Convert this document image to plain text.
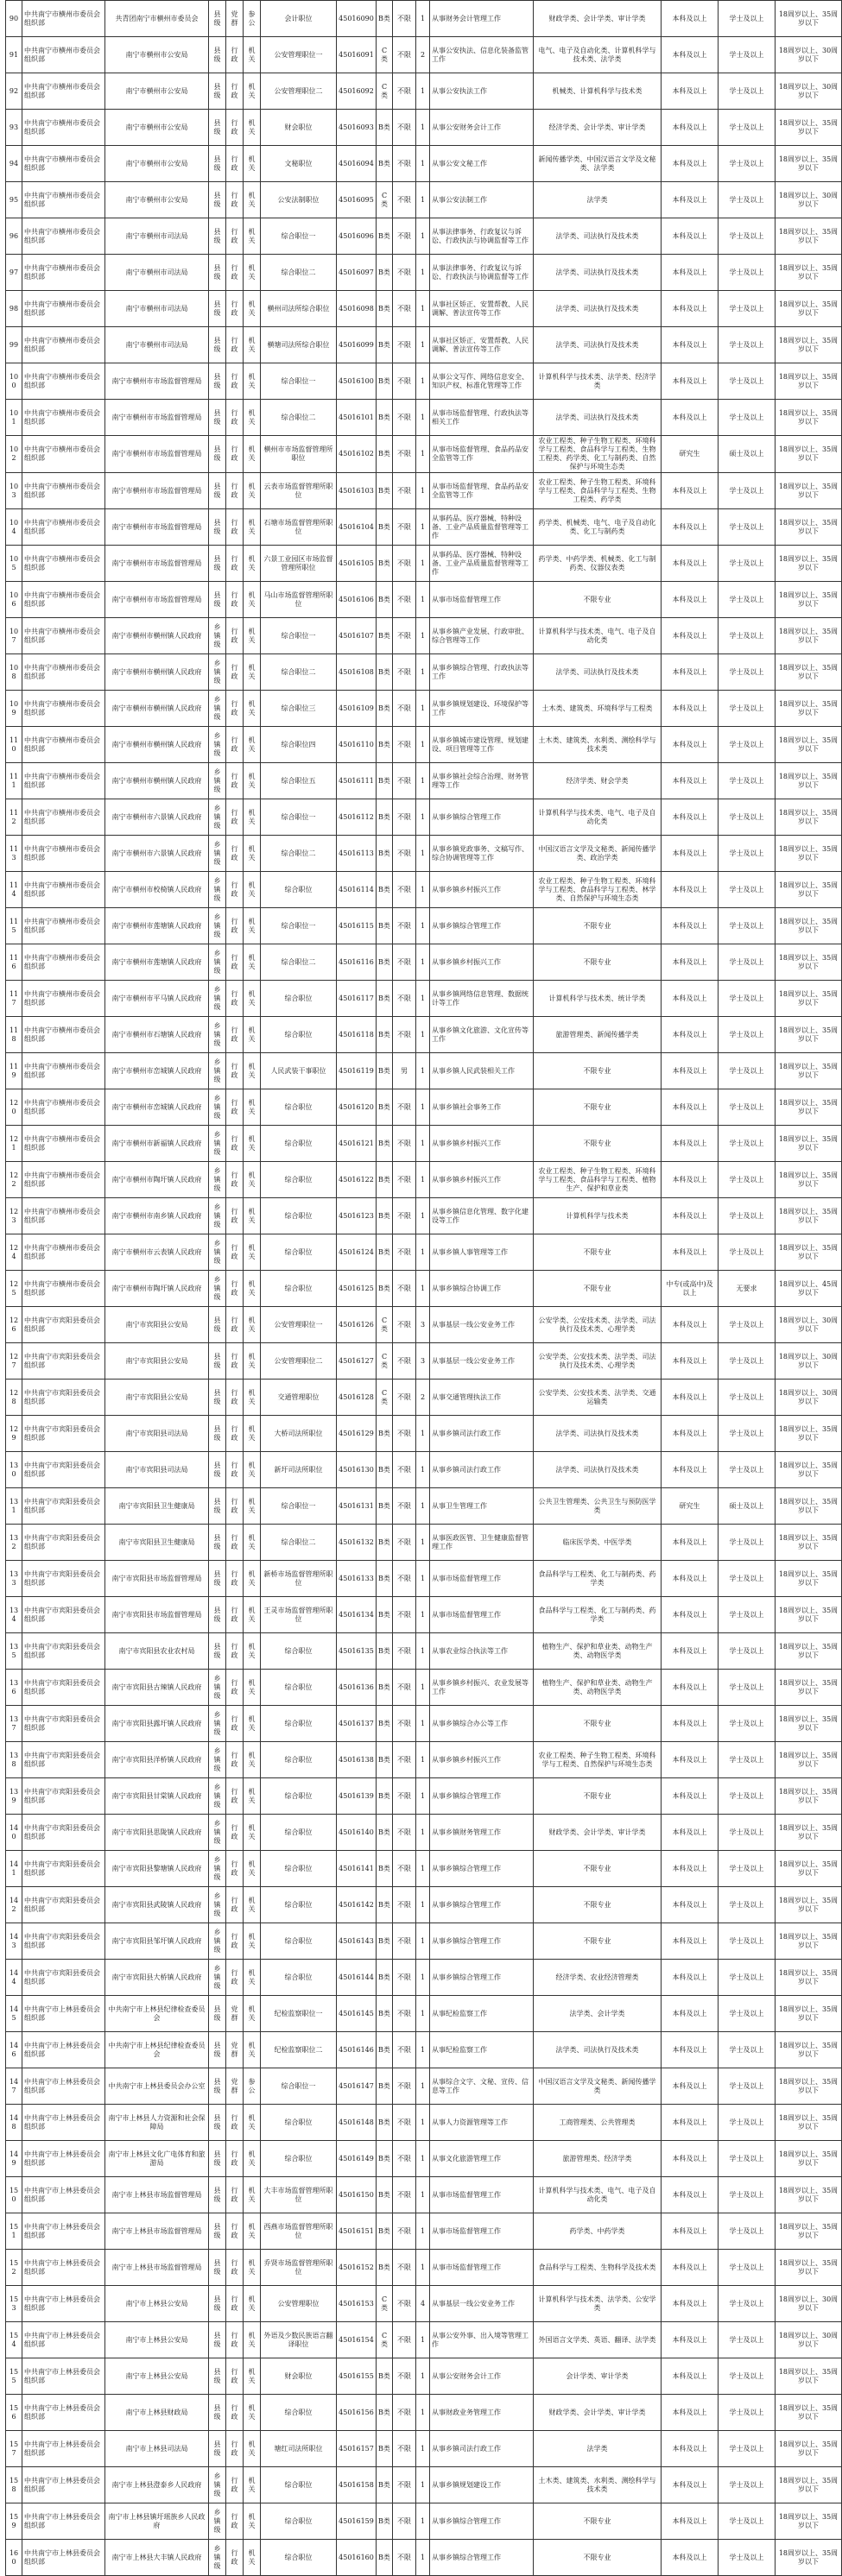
90	中共南宁市横州市委员会组织部	共青团南宁市横州市委员会	县级	党群	参公	会计职位	45016090	B类	不限	1	从事财务会计管理工作	财政学类、会计学类、审计学类	本科及以上	学士及以上	18周岁以上、35周岁以下
91	中共南宁市横州市委员会组织部	南宁市横州市公安局	县级	行政	机关	公安管理职位一	45016091	C类	不限	2	从事公安执法、信息化装备监管工作	电气、电子及自动化类、计算机科学与技术类、法学类	本科及以上	学士及以上	18周岁以上、30周岁以下
92	中共南宁市横州市委员会组织部	南宁市横州市公安局	县级	行政	机关	公安管理职位二	45016092	C类	不限	1	从事公安执法工作	机械类、计算机科学与技术类	本科及以上	学士及以上	18周岁以上、30周岁以下
93	中共南宁市横州市委员会组织部	南宁市横州市公安局	县级	行政	机关	财会职位	45016093	B类	不限	1	从事公安财务会计工作	经济学类、会计学类、审计学类	本科及以上	学士及以上	18周岁以上、35周岁以下
94	中共南宁市横州市委员会组织部	南宁市横州市公安局	县级	行政	机关	文秘职位	45016094	B类	不限	1	从事公安文秘工作	新闻传播学类、中国汉语言文学及文秘类、法学类	本科及以上	学士及以上	18周岁以上、35周岁以下
95	中共南宁市横州市委员会组织部	南宁市横州市公安局	县级	行政	机关	公安法制职位	45016095	C类	不限	1	从事公安法制工作	法学类	本科及以上	学士及以上	18周岁以上、30周岁以下
96	中共南宁市横州市委员会组织部	南宁市横州市司法局	县级	行政	机关	综合职位一	45016096	B类	不限	1	从事法律事务、行政复议与诉讼、行政执法与协调监督等工作	法学类、司法执行及技术类	本科及以上	学士及以上	18周岁以上、35周岁以下
97	中共南宁市横州市委员会组织部	南宁市横州市司法局	县级	行政	机关	综合职位二	45016097	B类	不限	1	从事法律事务、行政复议与诉讼、行政执法与协调监督等工作	法学类、司法执行及技术类	本科及以上	学士及以上	18周岁以上、35周岁以下
98	中共南宁市横州市委员会组织部	南宁市横州市司法局	县级	行政	机关	横州司法所综合职位	45016098	B类	不限	1	从事社区矫正、安置帮教、人民调解、普法宣传等工作	法学类、司法执行及技术类	本科及以上	学士及以上	18周岁以上、35周岁以下
99	中共南宁市横州市委员会组织部	南宁市横州市司法局	县级	行政	机关	横塘司法所综合职位	45016099	B类	不限	1	从事社区矫正、安置帮教、人民调解、普法宣传等工作	法学类、司法执行及技术类	本科及以上	学士及以上	18周岁以上、35周岁以下
100	中共南宁市横州市委员会组织部	南宁市横州市市场监督管理局	县级	行政	机关	综合职位一	45016100	B类	不限	1	从事公文写作、网络信息安全、知识产权、标准化管理等工作	计算机科学与技术类、法学类、经济学类	本科及以上	学士及以上	18周岁以上、35周岁以下
101	中共南宁市横州市委员会组织部	南宁市横州市市场监督管理局	县级	行政	机关	综合职位二	45016101	B类	不限	1	从事市场监督管理、行政执法等相关工作	法学类、司法执行及技术类	本科及以上	学士及以上	18周岁以上、35周岁以下
102	中共南宁市横州市委员会组织部	南宁市横州市市场监督管理局	县级	行政	机关	横州市市场监督管理所职位	45016102	B类	不限	1	从事市场监督管理、食品药品安全监管等工作	农业工程类、种子生物工程类、环境科学与工程类、食品科学与工程类、生物工程类、药学类、化工与制药类、自然保护与环境生态类	研究生	硕士及以上	18周岁以上、35周岁以下
103	中共南宁市横州市委员会组织部	南宁市横州市市场监督管理局	县级	行政	机关	云表市场监督管理所职位	45016103	B类	不限	1	从事市场监督管理、食品药品安全监管等工作	农业工程类、种子生物工程类、环境科学与工程类、食品科学与工程类、生物工程类、药学类	本科及以上	学士及以上	18周岁以上、35周岁以下
104	中共南宁市横州市委员会组织部	南宁市横州市市场监督管理局	县级	行政	机关	石塘市场监督管理所职位	45016104	B类	不限	1	从事药品、医疗器械、特种设备、工业产品质量监督管理等工作	药学类、机械类、电气、电子及自动化类、化工与制药类	本科及以上	学士及以上	18周岁以上、35周岁以下
105	中共南宁市横州市委员会组织部	南宁市横州市市场监督管理局	县级	行政	机关	六景工业园区市场监督管理所职位	45016105	B类	不限	1	从事药品、医疗器械、特种设备、工业产品质量监督管理等工作	药学类、中药学类、机械类、化工与制药类、仪器仪表类	本科及以上	学士及以上	18周岁以上、35周岁以下
106	中共南宁市横州市委员会组织部	南宁市横州市市场监督管理局	县级	行政	机关	马山市场监督管理所职位	45016106	B类	不限	1	从事市场监督管理工作	不限专业	本科及以上	学士及以上	18周岁以上、35周岁以下
107	中共南宁市横州市委员会组织部	南宁市横州市横州镇人民政府	乡镇级	行政	机关	综合职位一	45016107	B类	不限	1	从事乡镇产业发展、行政审批、综合管理等工作	计算机科学与技术类、电气、电子及自动化类	本科及以上	学士及以上	18周岁以上、35周岁以下
108	中共南宁市横州市委员会组织部	南宁市横州市横州镇人民政府	乡镇级	行政	机关	综合职位二	45016108	B类	不限	1	从事乡镇综合管理、行政执法等工作	法学类、司法执行及技术类	本科及以上	学士及以上	18周岁以上、35周岁以下
109	中共南宁市横州市委员会组织部	南宁市横州市横州镇人民政府	乡镇级	行政	机关	综合职位三	45016109	B类	不限	1	从事乡镇规划建设、环境保护等工作	土木类、建筑类、环境科学与工程类	本科及以上	学士及以上	18周岁以上、35周岁以下
110	中共南宁市横州市委员会组织部	南宁市横州市横州镇人民政府	乡镇级	行政	机关	综合职位四	45016110	B类	不限	1	从事乡镇城市建设管理、规划建设、项目管理等工作	土木类、建筑类、水利类、测绘科学与技术类	本科及以上	学士及以上	18周岁以上、35周岁以下
111	中共南宁市横州市委员会组织部	南宁市横州市横州镇人民政府	乡镇级	行政	机关	综合职位五	45016111	B类	不限	1	从事乡镇社会综合治理、财务管理等工作	经济学类、财会学类	本科及以上	学士及以上	18周岁以上、35周岁以下
112	中共南宁市横州市委员会组织部	南宁市横州市六景镇人民政府	乡镇级	行政	机关	综合职位一	45016112	B类	不限	1	从事乡镇综合管理工作	计算机科学与技术类、电气、电子及自动化类	本科及以上	学士及以上	18周岁以上、35周岁以下
113	中共南宁市横州市委员会组织部	南宁市横州市六景镇人民政府	乡镇级	行政	机关	综合职位二	45016113	B类	不限	1	从事乡镇党政事务、文稿写作、综合协调管理等工作	中国汉语言文学及文秘类、新闻传播学类、政治学类	本科及以上	学士及以上	18周岁以上、35周岁以下
114	中共南宁市横州市委员会组织部	南宁市横州市校椅镇人民政府	乡镇级	行政	机关	综合职位	45016114	B类	不限	1	从事乡镇乡村振兴工作	农业工程类、种子生物工程类、环境科学与工程类、食品科学与工程类、林学类、自然保护与环境生态类	本科及以上	学士及以上	18周岁以上、35周岁以下
115	中共南宁市横州市委员会组织部	南宁市横州市莲塘镇人民政府	乡镇级	行政	机关	综合职位一	45016115	B类	不限	1	从事乡镇综合管理工作	不限专业	本科及以上	学士及以上	18周岁以上、35周岁以下
116	中共南宁市横州市委员会组织部	南宁市横州市莲塘镇人民政府	乡镇级	行政	机关	综合职位二	45016116	B类	不限	1	从事乡镇乡村振兴工作	不限专业	本科及以上	学士及以上	18周岁以上、35周岁以下
117	中共南宁市横州市委员会组织部	南宁市横州市平马镇人民政府	乡镇级	行政	机关	综合职位	45016117	B类	不限	1	从事乡镇网络信息管理、数据统计等工作	计算机科学与技术类、统计学类	本科及以上	学士及以上	18周岁以上、35周岁以下
118	中共南宁市横州市委员会组织部	南宁市横州市石塘镇人民政府	乡镇级	行政	机关	综合职位	45016118	B类	不限	1	从事乡镇文化旅游、文化宣传等工作	旅游管理类、新闻传播学类	本科及以上	学士及以上	18周岁以上、35周岁以下
119	中共南宁市横州市委员会组织部	南宁市横州市峦城镇人民政府	乡镇级	行政	机关	人民武装干事职位	45016119	B类	男	1	从事乡镇人民武装相关工作	不限专业	本科及以上	学士及以上	18周岁以上、35周岁以下
120	中共南宁市横州市委员会组织部	南宁市横州市峦城镇人民政府	乡镇级	行政	机关	综合职位	45016120	B类	不限	1	从事乡镇社会事务工作	不限专业	本科及以上	学士及以上	18周岁以上、35周岁以下
121	中共南宁市横州市委员会组织部	南宁市横州市新福镇人民政府	乡镇级	行政	机关	综合职位	45016121	B类	不限	1	从事乡镇乡村振兴工作	不限专业	本科及以上	学士及以上	18周岁以上、35周岁以下
122	中共南宁市横州市委员会组织部	南宁市横州市陶圩镇人民政府	乡镇级	行政	机关	综合职位	45016122	B类	不限	1	从事乡镇乡村振兴工作	农业工程类、种子生物工程类、环境科学与工程类、食品科学与工程类、植物生产、保护和草业类	本科及以上	学士及以上	18周岁以上、35周岁以下
123	中共南宁市横州市委员会组织部	南宁市横州市南乡镇人民政府	乡镇级	行政	机关	综合职位	45016123	B类	不限	1	从事乡镇信息化管理、数字化建设等工作	计算机科学与技术类	本科及以上	学士及以上	18周岁以上、35周岁以下
124	中共南宁市横州市委员会组织部	南宁市横州市云表镇人民政府	乡镇级	行政	机关	综合职位	45016124	B类	不限	1	从事乡镇人事管理等工作	不限专业	本科及以上	学士及以上	18周岁以上、35周岁以下
125	中共南宁市横州市委员会组织部	南宁市横州市陶圩镇人民政府	乡镇级	行政	机关	综合职位	45016125	B类	不限	1	从事乡镇综合协调工作	不限专业	中专(或高中)及以上	无要求	18周岁以上、45周岁以下
126	中共南宁市宾阳县委员会组织部	南宁市宾阳县公安局	县级	行政	机关	公安管理职位一	45016126	C类	不限	3	从事基层一线公安业务工作	公安学类、公安技术类、法学类、司法执行及技术类、心理学类	本科及以上	学士及以上	18周岁以上、30周岁以下
127	中共南宁市宾阳县委员会组织部	南宁市宾阳县公安局	县级	行政	机关	公安管理职位二	45016127	C类	不限	3	从事基层一线公安业务工作	公安学类、公安技术类、法学类、司法执行及技术类、心理学类	本科及以上	学士及以上	18周岁以上、30周岁以下
128	中共南宁市宾阳县委员会组织部	南宁市宾阳县公安局	县级	行政	机关	交通管理职位	45016128	C类	不限	2	从事交通管理执法工作	公安学类、公安技术类、法学类、交通运输类	本科及以上	学士及以上	18周岁以上、30周岁以下
129	中共南宁市宾阳县委员会组织部	南宁市宾阳县司法局	县级	行政	机关	大桥司法所职位	45016129	B类	不限	1	从事乡镇司法行政工作	法学类、司法执行及技术类	本科及以上	学士及以上	18周岁以上、35周岁以下
130	中共南宁市宾阳县委员会组织部	南宁市宾阳县司法局	县级	行政	机关	新圩司法所职位	45016130	B类	不限	1	从事乡镇司法行政工作	法学类、司法执行及技术类	本科及以上	学士及以上	18周岁以上、35周岁以下
131	中共南宁市宾阳县委员会组织部	南宁市宾阳县卫生健康局	县级	行政	机关	综合职位一	45016131	B类	不限	1	从事卫生管理工作	公共卫生管理类、公共卫生与预防医学类	研究生	硕士及以上	18周岁以上、35周岁以下
132	中共南宁市宾阳县委员会组织部	南宁市宾阳县卫生健康局	县级	行政	机关	综合职位二	45016132	B类	不限	1	从事医政医管、卫生健康监督管理工作	临床医学类、中医学类	本科及以上	学士及以上	18周岁以上、35周岁以下
133	中共南宁市宾阳县委员会组织部	南宁市宾阳县市场监督管理局	县级	行政	机关	新桥市场监督管理所职位	45016133	B类	不限	1	从事市场监督管理工作	食品科学与工程类、化工与制药类、药学类	本科及以上	学士及以上	18周岁以上、35周岁以下
134	中共南宁市宾阳县委员会组织部	南宁市宾阳县市场监督管理局	县级	行政	机关	王灵市场监督管理所职位	45016134	B类	不限	1	从事市场监督管理工作	食品科学与工程类、化工与制药类、药学类	本科及以上	学士及以上	18周岁以上、35周岁以下
135	中共南宁市宾阳县委员会组织部	南宁市宾阳县农业农村局	县级	行政	机关	综合职位	45016135	B类	不限	1	从事农业综合执法等工作	植物生产、保护和草业类、动物生产类、动物医学类	本科及以上	学士及以上	18周岁以上、35周岁以下
136	中共南宁市宾阳县委员会组织部	南宁市宾阳县古辣镇人民政府	乡镇级	行政	机关	综合职位	45016136	B类	不限	1	从事乡镇乡村振兴、农业发展等工作	植物生产、保护和草业类、动物生产类、动物医学类	本科及以上	学士及以上	18周岁以上、35周岁以下
137	中共南宁市宾阳县委员会组织部	南宁市宾阳县露圩镇人民政府	乡镇级	行政	机关	综合职位	45016137	B类	不限	1	从事乡镇综合办公等工作	不限专业	本科及以上	学士及以上	18周岁以上、35周岁以下
138	中共南宁市宾阳县委员会组织部	南宁市宾阳县洋桥镇人民政府	乡镇级	行政	机关	综合职位	45016138	B类	不限	1	从事乡镇乡村振兴工作	农业工程类、种子生物工程类、环境科学与工程类、自然保护与环境生态类	本科及以上	学士及以上	18周岁以上、35周岁以下
139	中共南宁市宾阳县委员会组织部	南宁市宾阳县甘棠镇人民政府	乡镇级	行政	机关	综合职位	45016139	B类	不限	1	从事乡镇综合管理工作	不限专业	本科及以上	学士及以上	18周岁以上、35周岁以下
140	中共南宁市宾阳县委员会组织部	南宁市宾阳县思陇镇人民政府	乡镇级	行政	机关	综合职位	45016140	B类	不限	1	从事乡镇财务管理工作	财政学类、会计学类、审计学类	本科及以上	学士及以上	18周岁以上、35周岁以下
141	中共南宁市宾阳县委员会组织部	南宁市宾阳县黎塘镇人民政府	乡镇级	行政	机关	综合职位	45016141	B类	不限	1	从事乡镇综合管理工作	不限专业	本科及以上	学士及以上	18周岁以上、35周岁以下
142	中共南宁市宾阳县委员会组织部	南宁市宾阳县武陵镇人民政府	乡镇级	行政	机关	综合职位	45016142	B类	不限	1	从事乡镇综合管理工作	不限专业	本科及以上	学士及以上	18周岁以上、35周岁以下
143	中共南宁市宾阳县委员会组织部	南宁市宾阳县邹圩镇人民政府	乡镇级	行政	机关	综合职位	45016143	B类	不限	1	从事乡镇综合管理工作	不限专业	本科及以上	学士及以上	18周岁以上、35周岁以下
144	中共南宁市宾阳县委员会组织部	南宁市宾阳县大桥镇人民政府	乡镇级	行政	机关	综合职位	45016144	B类	不限	1	从事乡镇综合管理工作	经济学类、农业经济管理类	本科及以上	学士及以上	18周岁以上、35周岁以下
145	中共南宁市上林县委员会组织部	中共南宁市上林县纪律检查委员会	县级	党群	机关	纪检监察职位一	45016145	B类	不限	1	从事纪检监察工作	法学类、会计学类	本科及以上	学士及以上	18周岁以上、35周岁以下
146	中共南宁市上林县委员会组织部	中共南宁市上林县纪律检查委员会	县级	党群	机关	纪检监察职位二	45016146	B类	不限	1	从事纪检监察工作	法学类、司法执行及技术类	本科及以上	学士及以上	18周岁以上、35周岁以下
147	中共南宁市上林县委员会组织部	中共南宁市上林县委员会办公室	县级	党群	参公	综合职位一	45016147	B类	不限	1	从事综合文字、文秘、宣传、信息等工作	中国汉语言文学及文秘类、新闻传播学类	本科及以上	学士及以上	18周岁以上、35周岁以下
148	中共南宁市上林县委员会组织部	南宁市上林县人力资源和社会保障局	县级	行政	机关	综合职位	45016148	B类	不限	1	从事人力资源管理等工作	工商管理类、公共管理类	本科及以上	学士及以上	18周岁以上、35周岁以下
149	中共南宁市上林县委员会组织部	南宁市上林县文化广电体育和旅游局	县级	行政	机关	综合职位	45016149	B类	不限	1	从事文化旅游管理工作	旅游管理类、经济学类	本科及以上	学士及以上	18周岁以上、35周岁以下
150	中共南宁市上林县委员会组织部	南宁市上林县市场监督管理局	县级	行政	机关	大丰市场监督管理所职位	45016150	B类	不限	1	从事市场监督管理工作	计算机科学与技术类、电气、电子及自动化类	本科及以上	学士及以上	18周岁以上、35周岁以下
151	中共南宁市上林县委员会组织部	南宁市上林县市场监督管理局	县级	行政	机关	西燕市场监督管理所职位	45016151	B类	不限	1	从事市场监督管理工作	药学类、中药学类	本科及以上	学士及以上	18周岁以上、35周岁以下
152	中共南宁市上林县委员会组织部	南宁市上林县市场监督管理局	县级	行政	机关	乔贤市场监督管理所职位	45016152	B类	不限	1	从事市场监督管理工作	食品科学与工程类、生物科学及技术类	本科及以上	学士及以上	18周岁以上、35周岁以下
153	中共南宁市上林县委员会组织部	南宁市上林县公安局	县级	行政	机关	公安管理职位	45016153	C类	不限	4	从事基层一线公安业务工作	计算机科学与技术类、法学类、公安学类	本科及以上	学士及以上	18周岁以上、30周岁以下
154	中共南宁市上林县委员会组织部	南宁市上林县公安局	县级	行政	机关	外语及少数民族语言翻译职位	45016154	C类	不限	1	从事公安外事、出入境等管理工作	外国语言文学类、英语、翻译、法学类	本科及以上	学士及以上	18周岁以上、30周岁以下
155	中共南宁市上林县委员会组织部	南宁市上林县公安局	县级	行政	机关	财会职位	45016155	B类	不限	1	从事公安财务会计工作	会计学类、审计学类	本科及以上	学士及以上	18周岁以上、35周岁以下
156	中共南宁市上林县委员会组织部	南宁市上林县财政局	县级	行政	机关	综合职位	45016156	B类	不限	1	从事财政业务管理工作	财政学类、会计学类、审计学类	本科及以上	学士及以上	18周岁以上、35周岁以下
157	中共南宁市上林县委员会组织部	南宁市上林县司法局	县级	行政	机关	塘红司法所职位	45016157	B类	不限	1	从事乡镇司法行政工作	法学类	本科及以上	学士及以上	18周岁以上、35周岁以下
158	中共南宁市上林县委员会组织部	南宁市上林县澄泰乡人民政府	乡镇级	行政	机关	综合职位	45016158	B类	不限	1	从事乡镇规划建设工作	土木类、建筑类、水利类、测绘科学与技术类	本科及以上	学士及以上	18周岁以上、35周岁以下
159	中共南宁市上林县委员会组织部	南宁市上林县镇圩瑶族乡人民政府	乡镇级	行政	机关	综合职位	45016159	B类	不限	1	从事乡镇综合管理工作	不限专业	本科及以上	学士及以上	18周岁以上、35周岁以下
160	中共南宁市上林县委员会组织部	南宁市上林县大丰镇人民政府	乡镇级	行政	机关	综合职位	45016160	B类	不限	1	从事乡镇综合管理工作	不限专业	本科及以上	学士及以上	18周岁以上、35周岁以下
